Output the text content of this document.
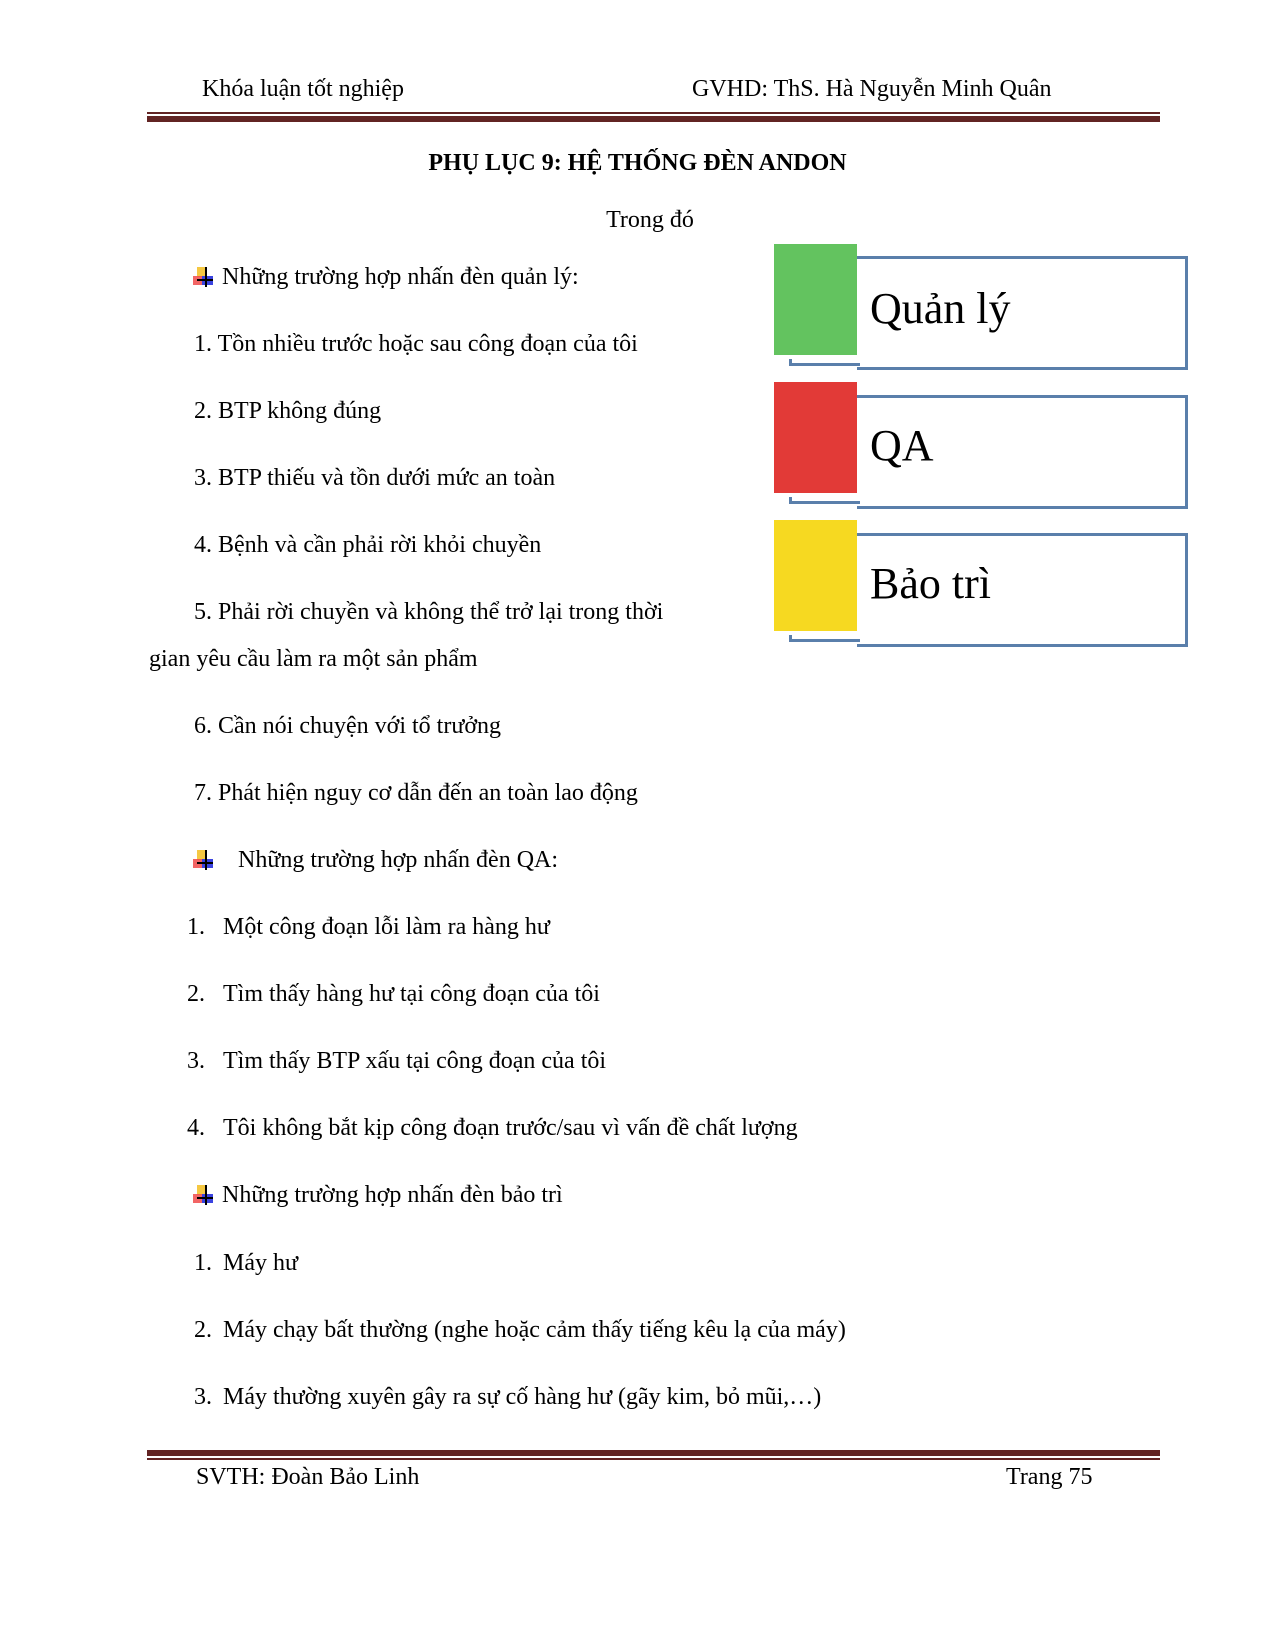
Khóa luận tốt nghiệp	GVHD: ThS. Hà Nguyễn Minh Quân
PHỤ LỤC 9: HỆ THỐNG ĐÈN ANDON
Trong đó
Quản lý
QA
Bảo trì
Những trường hợp nhấn đèn quản lý:
1. Tồn nhiều trước hoặc sau công đoạn của tôi
2. BTP không đúng
3. BTP thiếu và tồn dưới mức an toàn
4. Bệnh và cần phải rời khỏi chuyền
5. Phải rời chuyền và không thể trở lại trong thời
gian yêu cầu làm ra một sản phẩm
6. Cần nói chuyện với tổ trưởng
7. Phát hiện nguy cơ dẫn đến an toàn lao động
Những trường hợp nhấn đèn QA:
1. Một công đoạn lỗi làm ra hàng hư
2. Tìm thấy hàng hư tại công đoạn của tôi
3. Tìm thấy BTP xấu tại công đoạn của tôi
4. Tôi không bắt kịp công đoạn trước/sau vì vấn đề chất lượng
Những trường hợp nhấn đèn bảo trì
1. Máy hư
2. Máy chạy bất thường (nghe hoặc cảm thấy tiếng kêu lạ của máy)
3. Máy thường xuyên gây ra sự cố hàng hư (gãy kim, bỏ mũi,…)
SVTH: Đoàn Bảo Linh	Trang 75
